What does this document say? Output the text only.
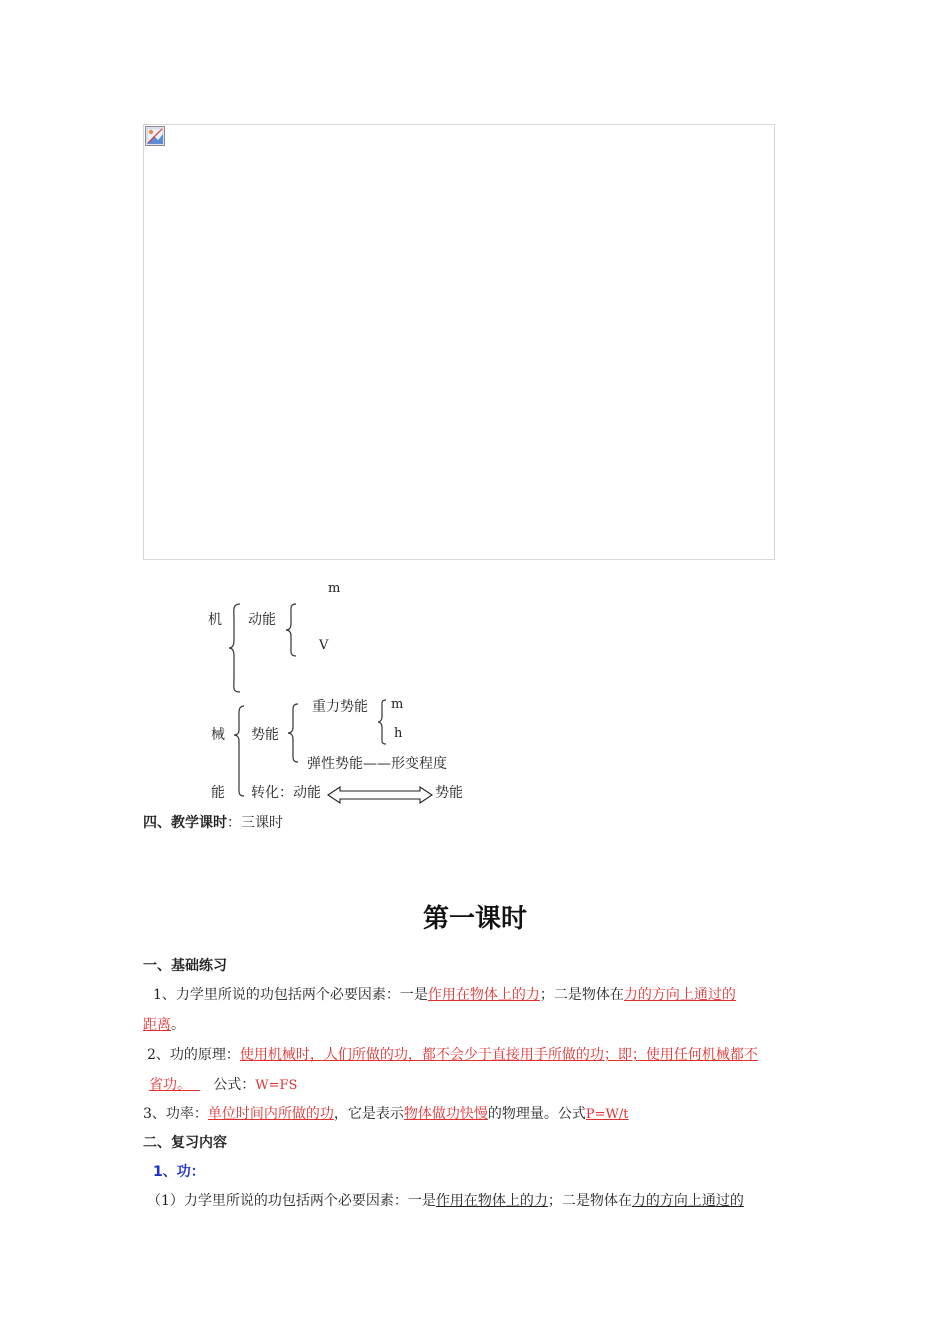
机
械
能
动能
m
V
势能
重力势能 m
h
弹性势能——形变程度
转化：动能	势能
四、教学课时：三课时
第一课时
一、基础练习
1、力学里所说的功包括两个必要因素：一是作用在物体上的力；二是物体在力的方向上通过的
距离。
2、功的原理：使用机械时，人们所做的功，都不会少于直接用手所做的功；即；使用任何机械都不
省功。 公式：W=FS
3、功率：单位时间内所做的功，它是表示物体做功快慢的物理量。公式P=W/t
二、复习内容
1、功：
（1）力学里所说的功包括两个必要因素：一是作用在物体上的力；二是物体在力的方向上通过的
